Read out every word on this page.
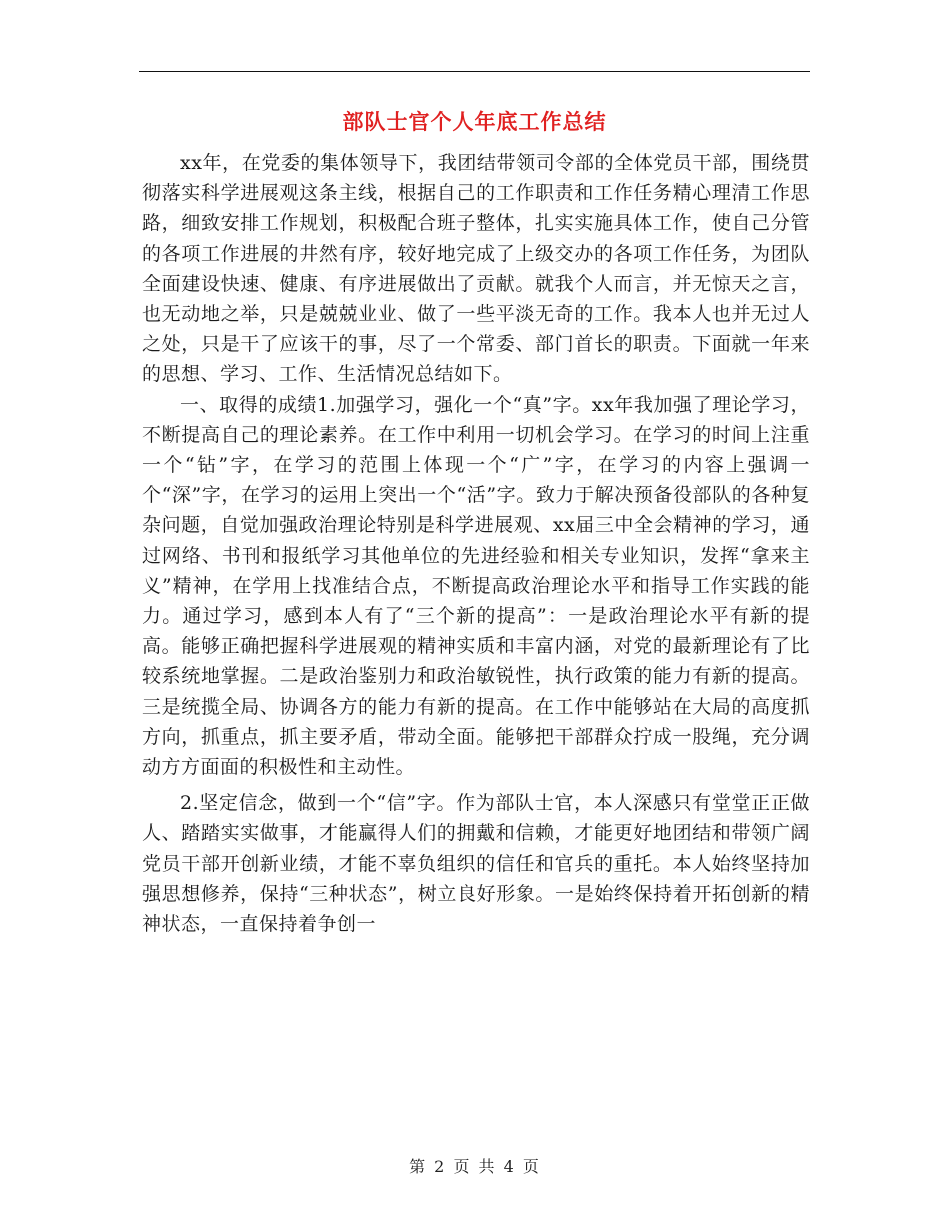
部队士官个人年底工作总结

xx年，在党委的集体领导下，我团结带领司令部的全体党员干部，围绕贯彻落实科学进展观这条主线，根据自己的工作职责和工作任务精心理清工作思路，细致安排工作规划，积极配合班子整体，扎实实施具体工作，使自己分管的各项工作进展的井然有序，较好地完成了上级交办的各项工作任务，为团队全面建设快速、健康、有序进展做出了贡献。就我个人而言，并无惊天之言，也无动地之举，只是兢兢业业、做了一些平淡无奇的工作。我本人也并无过人之处，只是干了应该干的事，尽了一个常委、部门首长的职责。下面就一年来的思想、学习、工作、生活情况总结如下。

一、取得的成绩1.加强学习，强化一个“真”字。xx年我加强了理论学习，不断提高自己的理论素养。在工作中利用一切机会学习。在学习的时间上注重一个“钻”字，在学习的范围上体现一个“广”字，在学习的内容上强调一个“深”字，在学习的运用上突出一个“活”字。致力于解决预备役部队的各种复杂问题，自觉加强政治理论特别是科学进展观、xx届三中全会精神的学习，通过网络、书刊和报纸学习其他单位的先进经验和相关专业知识，发挥“拿来主义”精神，在学用上找准结合点，不断提高政治理论水平和指导工作实践的能力。通过学习，感到本人有了“三个新的提高”：一是政治理论水平有新的提高。能够正确把握科学进展观的精神实质和丰富内涵，对党的最新理论有了比较系统地掌握。二是政治鉴别力和政治敏锐性，执行政策的能力有新的提高。三是统揽全局、协调各方的能力有新的提高。在工作中能够站在大局的高度抓方向，抓重点，抓主要矛盾，带动全面。能够把干部群众拧成一股绳，充分调动方方面面的积极性和主动性。

2.坚定信念，做到一个“信”字。作为部队士官，本人深感只有堂堂正正做人、踏踏实实做事，才能赢得人们的拥戴和信赖，才能更好地团结和带领广阔党员干部开创新业绩，才能不辜负组织的信任和官兵的重托。本人始终坚持加强思想修养，保持“三种状态”，树立良好形象。一是始终保持着开拓创新的精神状态，一直保持着争创一

第 2 页 共 4 页
